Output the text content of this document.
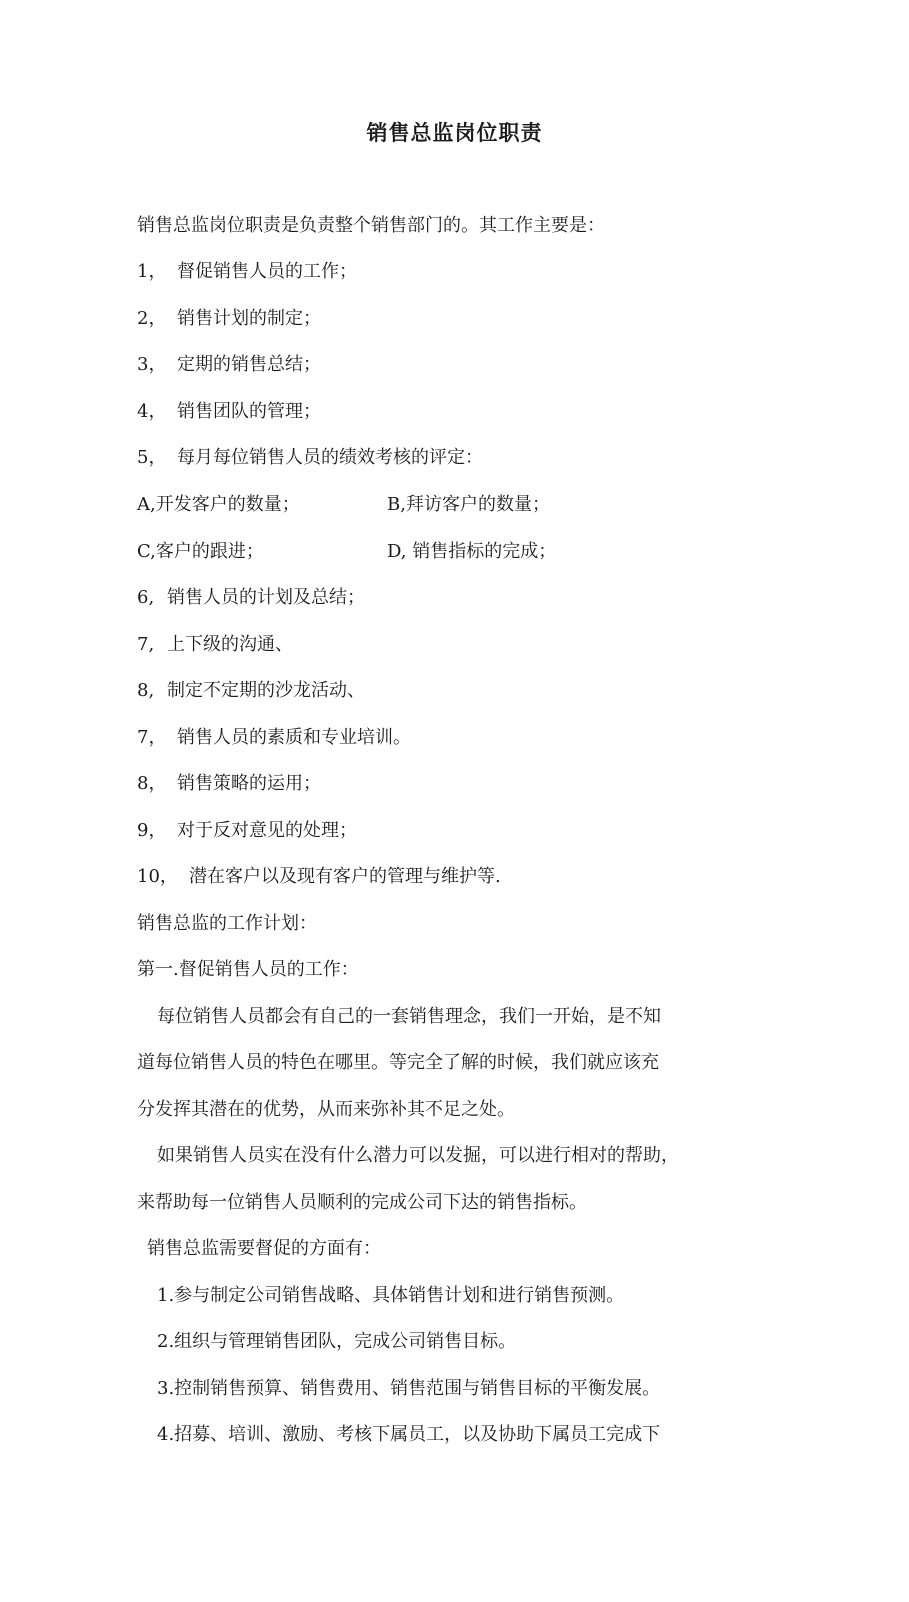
销售总监岗位职责
销售总监岗位职责是负责整个销售部门的。其工作主要是：
1， 督促销售人员的工作；
2， 销售计划的制定；
3， 定期的销售总结；
4， 销售团队的管理；
5， 每月每位销售人员的绩效考核的评定：
A,开发客户的数量；	B,拜访客户的数量；
C,客户的跟进；	D, 销售指标的完成；
6, 销售人员的计划及总结；
7, 上下级的沟通、
8, 制定不定期的沙龙活动、
7， 销售人员的素质和专业培训。
8， 销售策略的运用；
9， 对于反对意见的处理；
10， 潜在客户以及现有客户的管理与维护等.
销售总监的工作计划：
第一.督促销售人员的工作：
每位销售人员都会有自己的一套销售理念，我们一开始，是不知
道每位销售人员的特色在哪里。等完全了解的时候，我们就应该充
分发挥其潜在的优势，从而来弥补其不足之处。
如果销售人员实在没有什么潜力可以发掘，可以进行相对的帮助，
来帮助每一位销售人员顺利的完成公司下达的销售指标。
销售总监需要督促的方面有：
1.参与制定公司销售战略、具体销售计划和进行销售预测。
2.组织与管理销售团队，完成公司销售目标。
3.控制销售预算、销售费用、销售范围与销售目标的平衡发展。
4.招募、培训、激励、考核下属员工，以及协助下属员工完成下
